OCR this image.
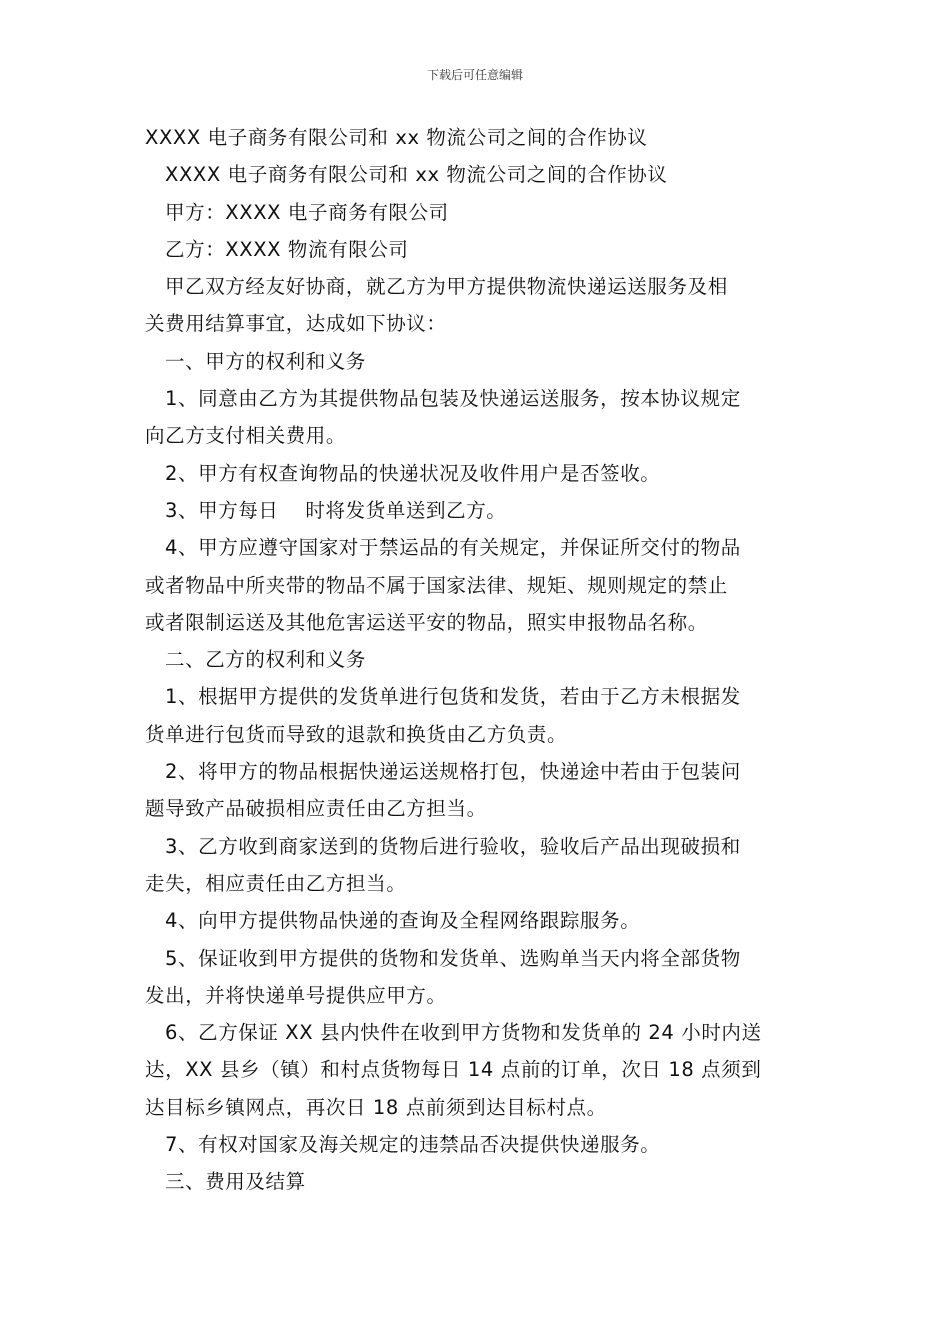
下载后可任意编辑

XXXX 电子商务有限公司和 xx 物流公司之间的合作协议

XXXX 电子商务有限公司和 xx 物流公司之间的合作协议

甲方：XXXX 电子商务有限公司

乙方：XXXX 物流有限公司

甲乙双方经友好协商，就乙方为甲方提供物流快递运送服务及相

关费用结算事宜，达成如下协议：

一、甲方的权利和义务

1、同意由乙方为其提供物品包装及快递运送服务，按本协议规定

向乙方支付相关费用。

2、甲方有权查询物品的快递状况及收件用户是否签收。

3、甲方每日　 时将发货单送到乙方。

4、甲方应遵守国家对于禁运品的有关规定，并保证所交付的物品

或者物品中所夹带的物品不属于国家法律、规矩、规则规定的禁止

或者限制运送及其他危害运送平安的物品，照实申报物品名称。

二、乙方的权利和义务

1、根据甲方提供的发货单进行包货和发货，若由于乙方未根据发

货单进行包货而导致的退款和换货由乙方负责。

2、将甲方的物品根据快递运送规格打包，快递途中若由于包装问

题导致产品破损相应责任由乙方担当。

3、乙方收到商家送到的货物后进行验收，验收后产品出现破损和

走失，相应责任由乙方担当。

4、向甲方提供物品快递的查询及全程网络跟踪服务。

5、保证收到甲方提供的货物和发货单、选购单当天内将全部货物

发出，并将快递单号提供应甲方。

6、乙方保证 XX 县内快件在收到甲方货物和发货单的 24 小时内送

达，XX 县乡（镇）和村点货物每日 14 点前的订单，次日 18 点须到

达目标乡镇网点，再次日 18 点前须到达目标村点。

7、有权对国家及海关规定的违禁品否决提供快递服务。

三、费用及结算
